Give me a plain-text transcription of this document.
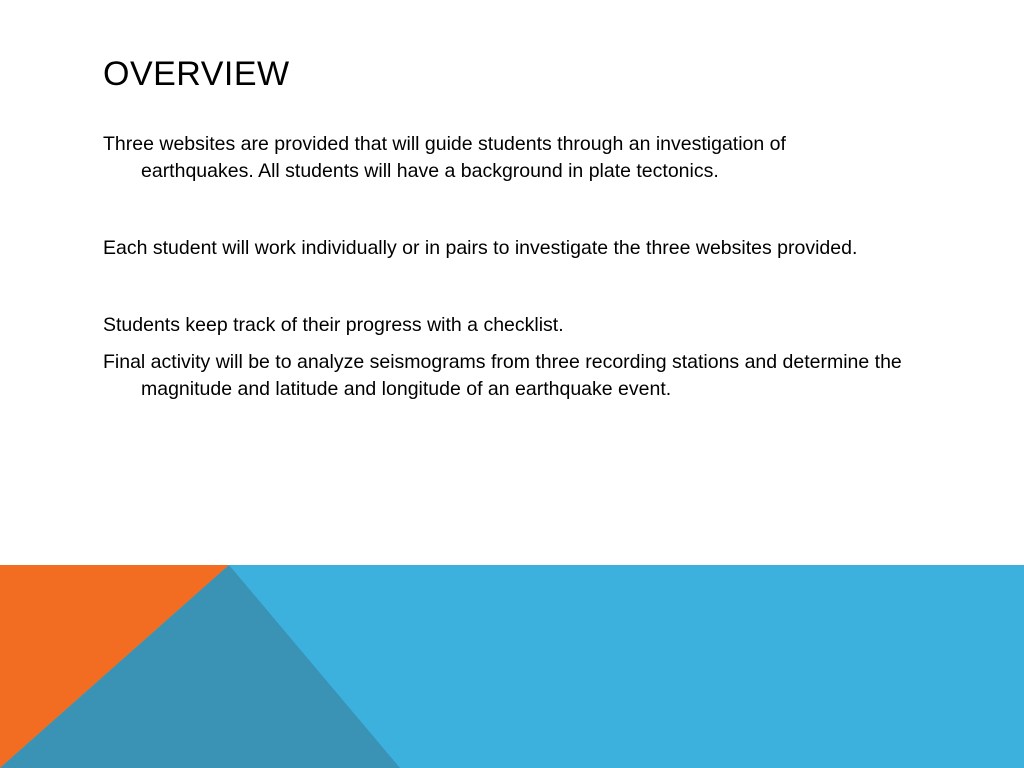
OVERVIEW

Three websites are provided that will guide students through an investigation of earthquakes. All students will have a background in plate tectonics.

Each student will work individually or in pairs to investigate the three websites provided.

Students keep track of their progress with a checklist.

Final activity will be to analyze seismograms from three recording stations and determine the magnitude and latitude and longitude of an earthquake event.
